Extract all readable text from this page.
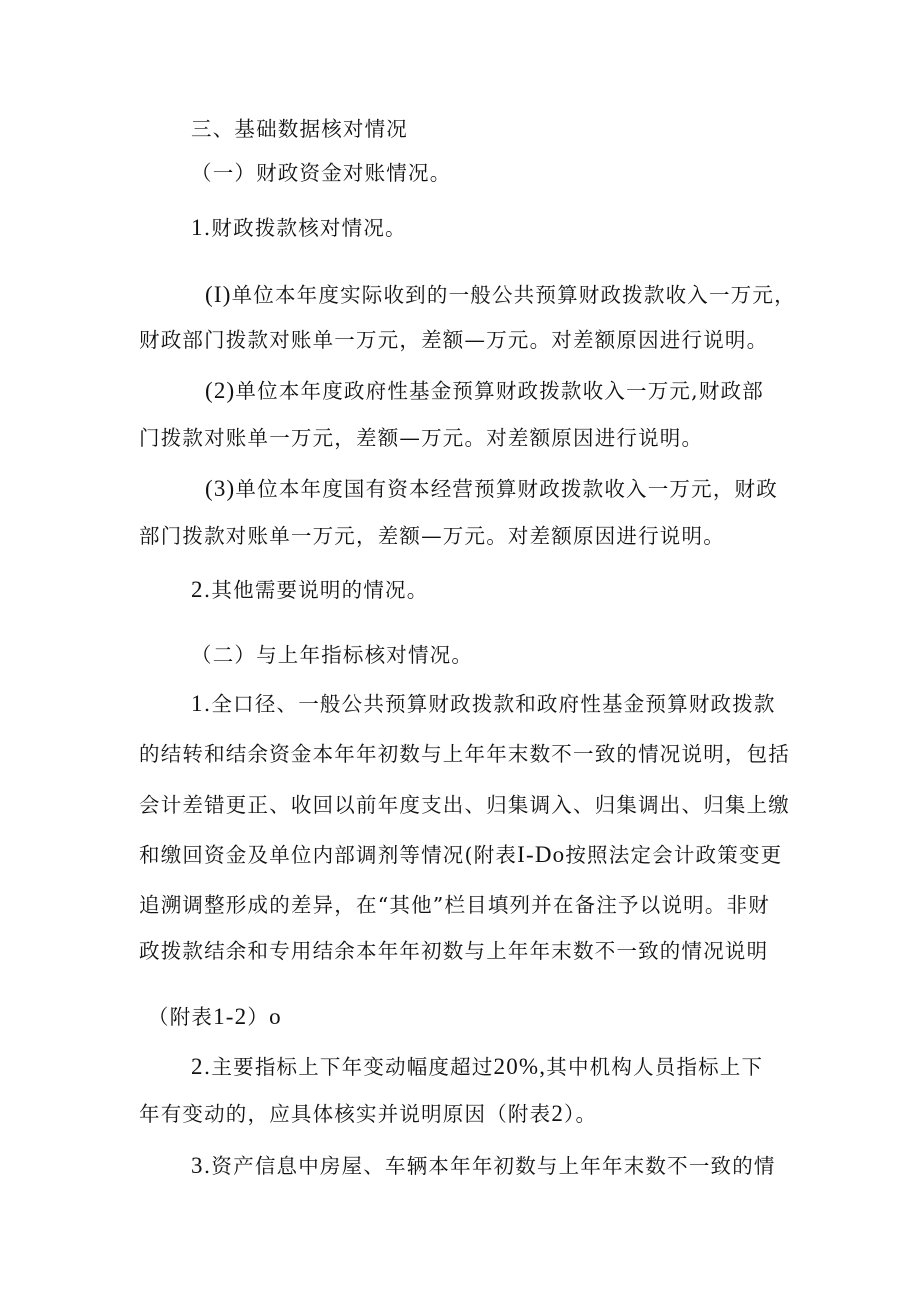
三、基础数据核对情况
（一）财政资金对账情况。
1.财政拨款核对情况。
(I)单位本年度实际收到的一般公共预算财政拨款收入一万元，
财政部门拨款对账单一万元，差额—万元。对差额原因进行说明。
(2)单位本年度政府性基金预算财政拨款收入一万元,财政部
门拨款对账单一万元，差额—万元。对差额原因进行说明。
(3)单位本年度国有资本经营预算财政拨款收入一万元，财政
部门拨款对账单一万元，差额—万元。对差额原因进行说明。
2.其他需要说明的情况。
（二）与上年指标核对情况。
1.全口径、一般公共预算财政拨款和政府性基金预算财政拨款
的结转和结余资金本年年初数与上年年末数不一致的情况说明，包括
会计差错更正、收回以前年度支出、归集调入、归集调出、归集上缴
和缴回资金及单位内部调剂等情况(附表I-Do按照法定会计政策变更
追溯调整形成的差异，在“其他”栏目填列并在备注予以说明。非财
政拨款结余和专用结余本年年初数与上年年末数不一致的情况说明
（附表1-2）o
2.主要指标上下年变动幅度超过20%,其中机构人员指标上下
年有变动的，应具体核实并说明原因（附表2）。
3.资产信息中房屋、车辆本年年初数与上年年末数不一致的情
